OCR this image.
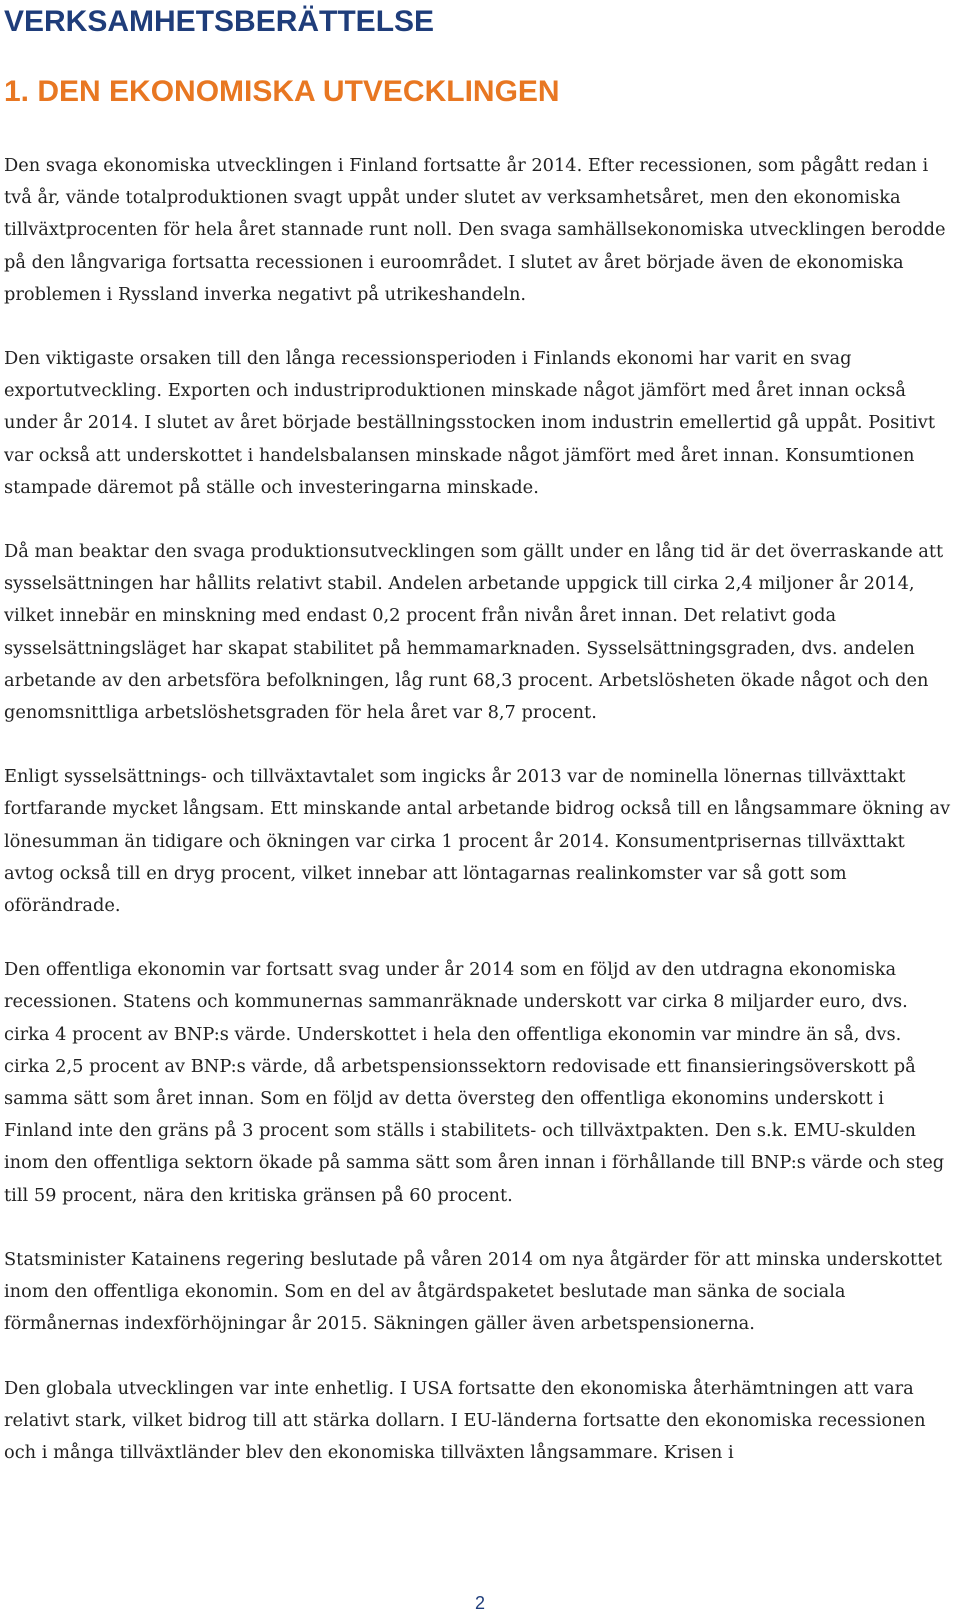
VERKSAMHETSBERÄTTELSE
1. DEN EKONOMISKA UTVECKLINGEN

Den svaga ekonomiska utvecklingen i Finland fortsatte år 2014. Efter recessionen, som pågått redan i två år, vände totalproduktionen svagt uppåt under slutet av verksamhetsåret, men den ekonomiska tillväxtprocenten för hela året stannade runt noll. Den svaga samhällsekonomiska utvecklingen berodde på den långvariga fortsatta recessionen i euroområdet. I slutet av året började även de ekonomiska problemen i Ryssland inverka negativt på utrikeshandeln.

Den viktigaste orsaken till den långa recessionsperioden i Finlands ekonomi har varit en svag exportutveckling. Exporten och industriproduktionen minskade något jämfört med året innan också under år 2014. I slutet av året började beställningsstocken inom industrin emellertid gå uppåt. Positivt var också att underskottet i handelsbalansen minskade något jämfört med året innan. Konsumtionen stampade däremot på ställe och investeringarna minskade.

Då man beaktar den svaga produktionsutvecklingen som gällt under en lång tid är det överraskande att sysselsättningen har hållits relativt stabil. Andelen arbetande uppgick till cirka 2,4 miljoner år 2014, vilket innebär en minskning med endast 0,2 procent från nivån året innan. Det relativt goda sysselsättningsläget har skapat stabilitet på hemmamarknaden. Sysselsättningsgraden, dvs. andelen arbetande av den arbetsföra befolkningen, låg runt 68,3 procent. Arbetslösheten ökade något och den genomsnittliga arbetslöshetsgraden för hela året var 8,7 procent.

Enligt sysselsättnings- och tillväxtavtalet som ingicks år 2013 var de nominella lönernas tillväxttakt fortfarande mycket långsam. Ett minskande antal arbetande bidrog också till en långsammare ökning av lönesumman än tidigare och ökningen var cirka 1 procent år 2014. Konsumentprisernas tillväxttakt avtog också till en dryg procent, vilket innebar att löntagarnas realinkomster var så gott som oförändrade.

Den offentliga ekonomin var fortsatt svag under år 2014 som en följd av den utdragna ekonomiska recessionen. Statens och kommunernas sammanräknade underskott var cirka 8 miljarder euro, dvs. cirka 4 procent av BNP:s värde. Underskottet i hela den offentliga ekonomin var mindre än så, dvs. cirka 2,5 procent av BNP:s värde, då arbetspensionssektorn redovisade ett finansieringsöverskott på samma sätt som året innan. Som en följd av detta översteg den offentliga ekonomins underskott i Finland inte den gräns på 3 procent som ställs i stabilitets- och tillväxtpakten. Den s.k. EMU-skulden inom den offentliga sektorn ökade på samma sätt som åren innan i förhållande till BNP:s värde och steg till 59 procent, nära den kritiska gränsen på 60 procent.

Statsminister Katainens regering beslutade på våren 2014 om nya åtgärder för att minska underskottet inom den offentliga ekonomin. Som en del av åtgärdspaketet beslutade man sänka de sociala förmånernas indexförhöjningar år 2015. Säkningen gäller även arbetspensionerna.

Den globala utvecklingen var inte enhetlig. I USA fortsatte den ekonomiska återhämtningen att vara relativt stark, vilket bidrog till att stärka dollarn. I EU-länderna fortsatte den ekonomiska recessionen och i många tillväxtländer blev den ekonomiska tillväxten långsammare. Krisen i

2
